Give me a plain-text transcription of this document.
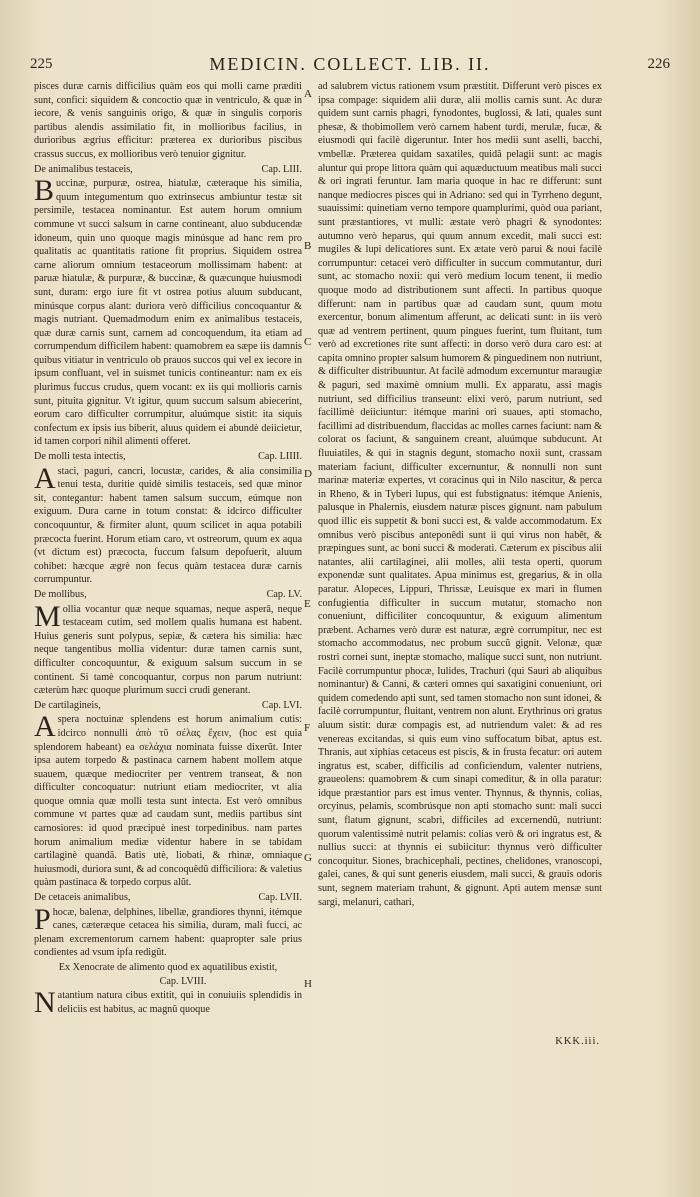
225	MEDICIN. COLLECT. LIB. II.	226

pisces duræ carnis difficilius quàm eos qui molli carne præditi sunt, confici: siquidem & concoctio quæ in ventriculo, & quæ in iecore, & venis sanguinis origo, & quæ in singulis corporis partibus alendis assimilatio fit, in mollioribus facilius, in durioribus ægrius efficitur: præterea ex durioribus piscibus crassus succus, ex mollioribus verò tenuior gignitur.

Cap. LIII.
De animalibus testaceis,

Buccinæ, purpuræ, ostrea, hiatulæ, cæteraque his similia, quum integumentum quo extrinsecus ambiuntur testæ sit persimile, testacea nominantur. Est autem horum omnium commune vt succi salsum in carne contineant, aluo subducendæ idoneum, quin uno quoque magis minúsque ad hanc rem pro qualitatis ac quantitatis ratione fit proprius. Siquidem ostrea carne aliorum omnium testaceorum mollissimam habent: at paruæ hiatulæ, & purpuræ, & buccinæ, & quæcunque huiusmodi sunt, duram: ergo iure fit vt ostrea potius aluum subducant, minúsque corpus alant: duriora verò difficilius concoquantur & magis nutriant. Quemadmodum enim ex animalibus testaceis, quæ duræ carnis sunt, carnem ad concoquendum, ita etiam ad corrumpendum difficilem habent: quamobrem ea sæpe iis damnis quibus vitiatur in ventriculo ob prauos succos qui vel ex iecore in ipsum confluant, vel in suismet tunicis contineantur: nam ex eis plurimus fuccus crudus, quem vocant: ex iis qui mollioris carnis sunt, pituita gignitur. Vt igitur, quum succum salsum abiecerint, eorum caro difficulter corrumpitur, aluúmque sistit: ita siquis confectum ex ipsis ius biberit, aluus quidem ei abundè deiicietur, id tamen corpori nihil alimenti offeret.

Cap. LIIII.
De molli testa intectis,

Astaci, paguri, cancri, locustæ, carides, & alia consimilia tenui testa, duritie quidè similis testaceis, sed quæ minor sit, contegantur: habent tamen salsum succum, eúmque non exiguum. Dura carne in totum constat: & idcirco difficulter concoquuntur, & firmiter alunt, quum scilicet in aqua potabili præcocta fuerint. Horum etiam caro, vt ostreorum, quum ex aqua (vt dictum est) præcocta, fuccum falsum depofuerit, aluum cohibet: hæcque ægrè non fecus quàm testacea duræ carnis corrumpuntur.

Cap. LV.
De mollibus,

Mollia vocantur quæ neque squamas, neque asperâ, neque testaceam cutim, sed mollem qualis humana est habent. Huius generis sunt polypus, sepiæ, & cætera his similia: hæc neque tangentibus mollia videntur: duræ tamen carnis sunt, difficulter concoquuntur, & exiguum salsum succum in se continent. Si tamè concoquantur, corpus non parum nutriunt: cæterùm hæc quoque plurimum succi crudi generant.

Cap. LVI.
De cartilagineis,

Aspera noctuinæ splendens est horum animalium cutis: idcirco nonnulli ἀπὸ τῦ σέλας ἔχειν, (hoc est quia splendorem habeant) ea σελάχια nominata fuisse dixerũt. Inter ipsa autem torpedo & pastinaca carnem habent mollem atque suauem, quæque mediocriter per ventrem transeat, & non difficulter concoquatur: nutriunt etiam mediocriter, vt alia quoque omnia quæ molli testa sunt intecta. Est verò omnibus commune vt partes quæ ad caudam sunt, mediis partibus sint carnosiores: id quod præcipuè inest torpedinibus. nam partes horum animalium mediæ videntur habere in se tabidam cartilaginè quandã. Batis utè, liobati, & rhinæ, omniaque huiusmodi, duriora sunt, & ad concoquêdũ difficiliora: & valetius quàm pastinaca & torpedo corpus alũt.

Cap. LVII.
De cetaceis animalibus,

Phocæ, balenæ, delphines, libellæ, grandiores thynni, itémque canes, cæteræque cetacea his similia, duram, mali fucci, ac plenam excrementorum carnem habent: quapropter sale prius condientes ad vsum ipfa redigũt.

Ex Xenocrate de alimento quod ex aquatilibus existit,
Cap. LVIII.

Natantium natura cibus extitit, qui in conuiuiis splendidis in deliciis est habitus, ac magnũ quoque

A
B
C
D
E
F
G
H

ad salubrem victus rationem vsum præstitit. Differunt verò pisces ex ipsa compage: siquidem alii duræ, alii mollis carnis sunt. Ac duræ quidem sunt carnis phagri, fynodontes, buglossi, & lati, quales sunt phesæ, & thobimollem verò carnem habent turdi, merulæ, fucæ, & eiusmodi qui facilè digeruntur. Inter hos medii sunt aselli, bacchi, vmbellæ. Præterea quidam saxatiles, quidã pelagii sunt: ac magis aluntur qui prope littora quàm qui aquæductuum meatibus mali succi & ori ingrati feruntur. Iam maria quoque in hac re differunt: sunt nanque mediocres pisces qui in Adriano: sed qui in Tyrrheno degunt, suauissimi: quinetiam verno tempore quamplurimi, quòd oua pariant, sunt præstantiores, vt mulli: æstate verò phagri & synodontes: autumno verò heparus, qui quum annum excedit, mali succi est: mugiles & lupi delicatiores sunt. Ex ætate verò parui & noui facilè corrumpuntur: cetacei verò difficulter in succum commutantur, duri sunt, ac stomacho noxii: qui verò medium locum tenent, ii medio quoque modo ad distributionem sunt affecti. In partibus quoque differunt: nam in partibus quæ ad caudam sunt, quum motu exercentur, bonum alimentum afferunt, ac delicati sunt: in iis verò quæ ad ventrem pertinent, quum pingues fuerint, tum fluitant, tum verò ad excretiones rite sunt affecti: in dorso verò dura caro est: at capita omnino propter salsum humorem & pinguedinem non nutriunt, & difficulter distribuuntur. At facilè admodum excernuntur maraugiæ & paguri, sed maximè omnium mulli. Ex apparatu, assi magis nutriunt, sed difficilius transeunt: elixi verò, parum nutriunt, sed facillimè deiiciuntur: itémque marini ori suaues, apti stomacho, facillimi ad distribuendum, flaccidas ac molles carnes faciunt: nam & colorat os faciunt, & sanguinem creant, aluúmque subducunt. At fluuiatiles, & qui in stagnis degunt, stomacho noxii sunt, crassam materiam faciunt, difficulter excernuntur, & nonnulli non sunt marinæ materiæ expertes, vt coracinus qui in Nilo nascitur, & perca in Rheno, & in Tyberi lupus, qui est fubstignatus: itémque Anienis, palusque in Phalernis, eiusdem naturæ pisces gignunt. nam pabulum quod illic eis suppetit & boni succi est, & valde accommodatum. Ex omnibus verò piscibus anteponêdi sunt ii qui virus non habêt, & præpingues sunt, ac boni succi & moderati. Cæterum ex piscibus alii natantes, alii cartilaginei, alii molles, alii testa operti, quorum exponendæ sunt qualitates. Apua minimus est, gregarius, & in olla paratur. Alopeces, Lippuri, Thrissæ, Leuisque ex mari in flumen confugientia difficulter in succum mutatur, stomacho non conueniunt, difficiliter concoquuntur, & exiguum alimentum præbent. Acharnes verò duræ est naturæ, ægrè corrumpitur, nec est stomacho accommodatus, nec probum succũ gignit. Velonæ, quæ rostri cornei sunt, ineptæ stomacho, malique succi sunt, non nutriunt. Facilè corrumpuntur phocæ, Iulides, Trachuri (qui Sauri ab aliquibus nominantur) & Canni, & cæteri omnes qui saxatigini conueniunt, ori quidem comedendo apti sunt, sed tamen stomacho non sunt idonei, & facilè corrumpuntur, fluitant, ventrem non alunt. Erythrinus ori gratus aluum sistit: duræ compagis est, ad nutriendum valet: & ad res venereas excitandas, si quis eum vino suffocatum bibat, aptus est. Thranis, aut xiphias cetaceus est piscis, & in frusta fecatur: ori autem ingratus est, scaber, difficilis ad conficiendum, valenter nutriens, graueolens: quamobrem & cum sinapi comeditur, & in olla paratur: idque præstantior pars est imus venter. Thynnus, & thynnis, colias, orcyinus, pelamis, scombrúsque non apti stomacho sunt: mali succi sunt, flatum gignunt, scabri, difficiles ad excernendũ, nutriunt: quorum valentissimè nutrit pelamis: colias verò & ori ingratus est, & nullius succi: at thynnis ei subiicitur: thynnus verò difficulter concoquitur. Siones, brachicephali, pectines, chelidones, vranoscopi, galei, canes, & qui sunt generis eiusdem, mali succi, & grauis odoris sunt, segnem materiam trahunt, & gignunt. Apti autem mensæ sunt sargi, melanuri, cathari,

KKK.iii.
